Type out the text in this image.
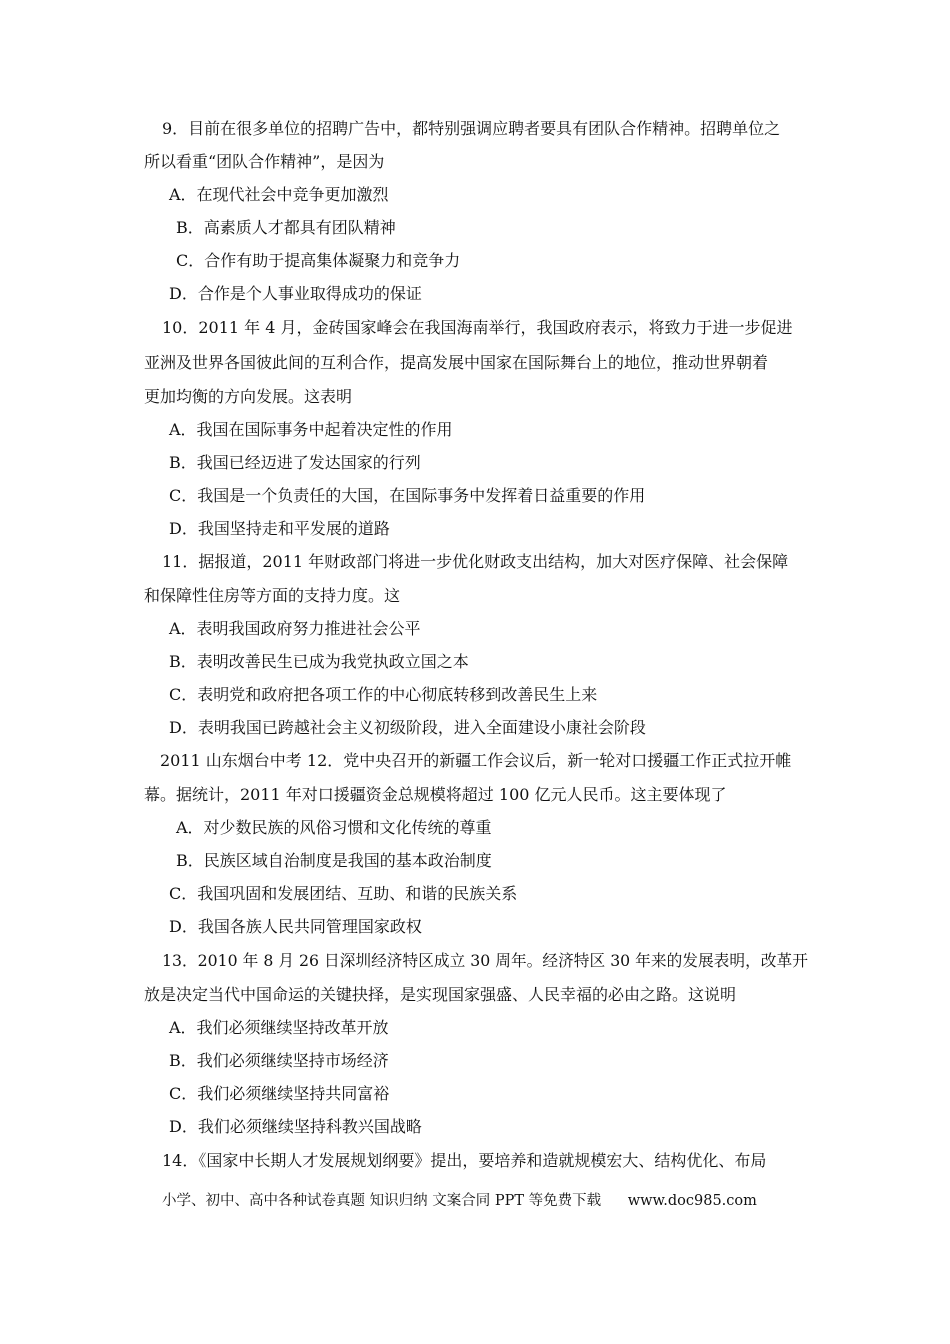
9．目前在很多单位的招聘广告中，都特别强调应聘者要具有团队合作精神。招聘单位之
所以看重“团队合作精神”，是因为
A．在现代社会中竞争更加激烈
B．高素质人才都具有团队精神
C．合作有助于提高集体凝聚力和竞争力
D．合作是个人事业取得成功的保证
10．2011 年 4 月，金砖国家峰会在我国海南举行，我国政府表示，将致力于进一步促进
亚洲及世界各国彼此间的互利合作，提高发展中国家在国际舞台上的地位，推动世界朝着
更加均衡的方向发展。这表明
A．我国在国际事务中起着决定性的作用
B．我国已经迈进了发达国家的行列
C．我国是一个负责任的大国，在国际事务中发挥着日益重要的作用
D．我国坚持走和平发展的道路
11．据报道，2011 年财政部门将进一步优化财政支出结构，加大对医疗保障、社会保障
和保障性住房等方面的支持力度。这
A．表明我国政府努力推进社会公平
B．表明改善民生已成为我党执政立国之本
C．表明党和政府把各项工作的中心彻底转移到改善民生上来
D．表明我国已跨越社会主义初级阶段，进入全面建设小康社会阶段
2011 山东烟台中考 12．党中央召开的新疆工作会议后，新一轮对口援疆工作正式拉开帷
幕。据统计，2011 年对口援疆资金总规模将超过 100 亿元人民币。这主要体现了
A．对少数民族的风俗习惯和文化传统的尊重
B．民族区域自治制度是我国的基本政治制度
C．我国巩固和发展团结、互助、和谐的民族关系
D．我国各族人民共同管理国家政权
13．2010 年 8 月 26 日深圳经济特区成立 30 周年。经济特区 30 年来的发展表明，改革开
放是决定当代中国命运的关键抉择，是实现国家强盛、人民幸福的必由之路。这说明
A．我们必须继续坚持改革开放
B．我们必须继续坚持市场经济
C．我们必须继续坚持共同富裕
D．我们必须继续坚持科教兴国战略
14．《国家中长期人才发展规划纲要》提出，要培养和造就规模宏大、结构优化、布局
小学、初中、高中各种试卷真题 知识归纳 文案合同 PPT 等免费下载 www.doc985.com
